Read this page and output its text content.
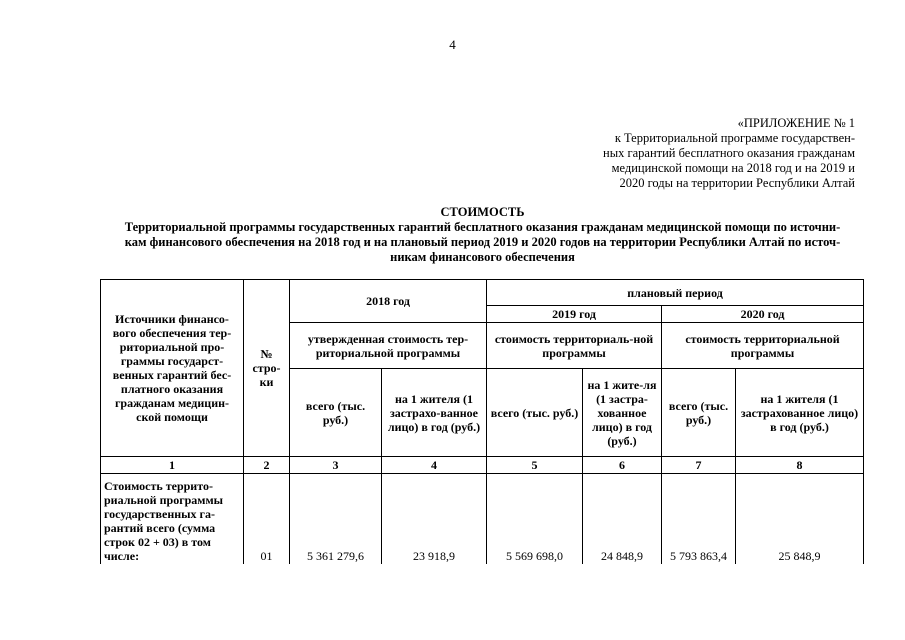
4
«ПРИЛОЖЕНИЕ № 1
к Территориальной программе государствен-
ных гарантий бесплатного оказания гражданам
медицинской помощи на 2018 год и на 2019 и
2020 годы на территории Республики Алтай
СТОИМОСТЬ
Территориальной программы государственных гарантий бесплатного оказания гражданам медицинской помощи по источни-
кам финансового обеспечения на 2018 год и на плановый период 2019 и 2020 годов на территории Республики Алтай по источ-
никам финансового обеспечения
Источники финансо-вого обеспечения тер-риториальной про-граммы государст-венных гарантий бес-платного оказания гражданам медицин-ской помощи	№ стро-ки	2018 год		плановый период			
				2019 год		2020 год	
		утвержденная стоимость тер-риториальной программы		стоимость территориаль-ной программы		стоимость территориальной программы	
		всего (тыс. руб.)	на 1 жителя (1 застрахо-ванное лицо) в год (руб.)	всего (тыс. руб.)	на 1 жите-ля (1 застра-хованное лицо) в год (руб.)	всего (тыс. руб.)	на 1 жителя (1 застрахованное лицо) в год (руб.)
1	2	3	4	5	6	7	8
Стоимость террито-риальной программы государственных га-рантий всего (сумма строк 02 + 03) в том числе:	01	5 361 279,6	23 918,9	5 569 698,0	24 848,9	5 793 863,4	25 848,9
